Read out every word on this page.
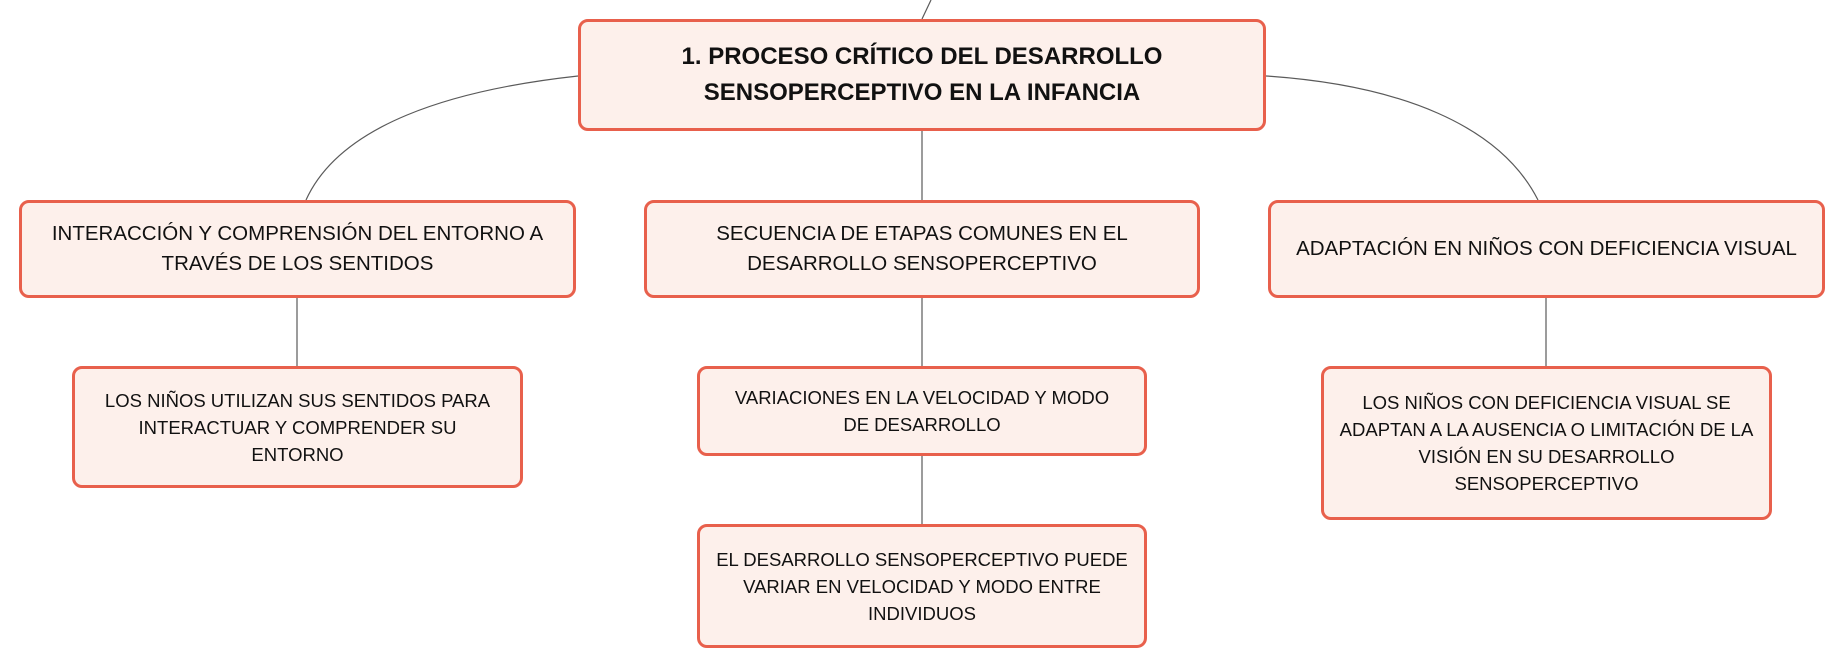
1. PROCESO CRÍTICO DEL DESARROLLO SENSOPERCEPTIVO EN LA INFANCIA
INTERACCIÓN Y COMPRENSIÓN DEL ENTORNO A TRAVÉS DE LOS SENTIDOS
SECUENCIA DE ETAPAS COMUNES EN EL DESARROLLO SENSOPERCEPTIVO
ADAPTACIÓN EN NIÑOS CON DEFICIENCIA VISUAL
LOS NIÑOS UTILIZAN SUS SENTIDOS PARA INTERACTUAR Y COMPRENDER SU ENTORNO
VARIACIONES EN LA VELOCIDAD Y MODO DE DESARROLLO
EL DESARROLLO SENSOPERCEPTIVO PUEDE VARIAR EN VELOCIDAD Y MODO ENTRE INDIVIDUOS
LOS NIÑOS CON DEFICIENCIA VISUAL SE ADAPTAN A LA AUSENCIA O LIMITACIÓN DE LA VISIÓN EN SU DESARROLLO SENSOPERCEPTIVO
